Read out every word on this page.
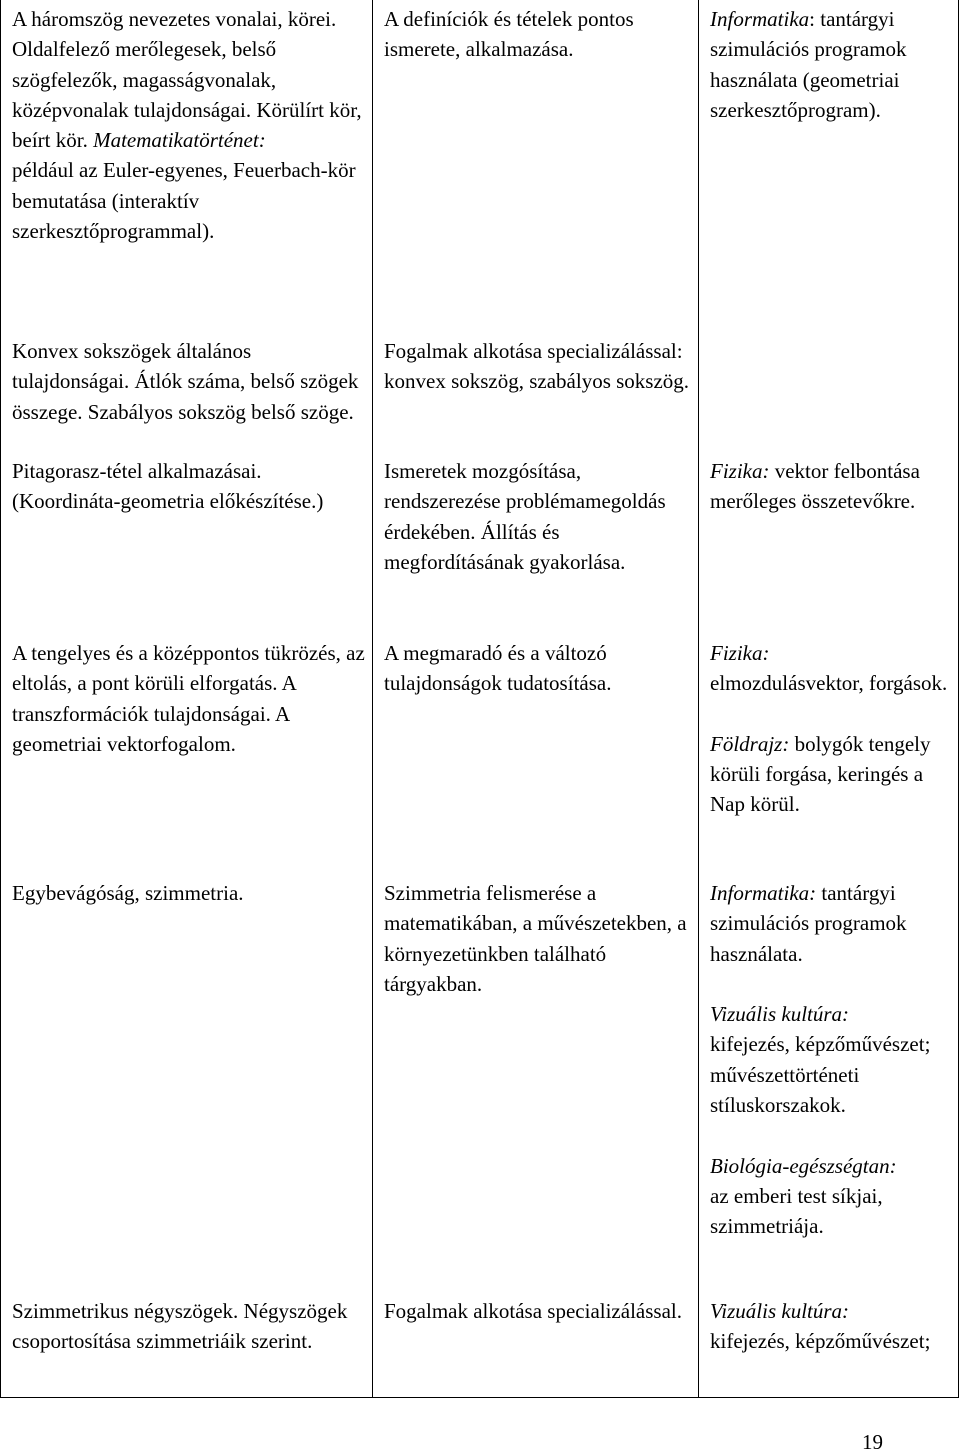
A háromszög nevezetes vonalai, körei. Oldalfelező merőlegesek, belső szögfelezők, magasságvonalak, középvonalak tulajdonságai. Körülírt kör, beírt kör. Matematikatörténet:
például az Euler-egyenes, Feuerbach-kör bemutatása (interaktív szerkesztőprogrammal).
A definíciók és tételek pontos ismerete, alkalmazása.
Informatika: tantárgyi szimulációs programok használata (geometriai szerkesztőprogram).
Konvex sokszögek általános tulajdonságai. Átlók száma, belső szögek összege. Szabályos sokszög belső szöge.
Fogalmak alkotása specializálással: konvex sokszög, szabályos sokszög.
Pitagorasz-tétel alkalmazásai. (Koordináta-geometria előkészítése.)
Ismeretek mozgósítása, rendszerezése problémamegoldás érdekében. Állítás és megfordításának gyakorlása.
Fizika: vektor felbontása merőleges összetevőkre.
A tengelyes és a középpontos tükrözés, az eltolás, a pont körüli elforgatás. A transzformációk tulajdonságai. A geometriai vektorfogalom.
A megmaradó és a változó tulajdonságok tudatosítása.
Fizika:
elmozdulásvektor, forgások.

Földrajz: bolygók tengely körüli forgása, keringés a Nap körül.
Egybevágóság, szimmetria.	Szimmetria felismerése a matematikában, a művészetekben, a környezetünkben található tárgyakban.
Informatika: tantárgyi szimulációs programok használata.

Vizuális kultúra:
kifejezés, képzőművészet; művészettörténeti stíluskorszakok.

Biológia-egészségtan:
az emberi test síkjai, szimmetriája.
Szimmetrikus négyszögek. Négyszögek csoportosítása szimmetriáik szerint.
Fogalmak alkotása specializálással.	Vizuális kultúra:
kifejezés, képzőművészet;
19
